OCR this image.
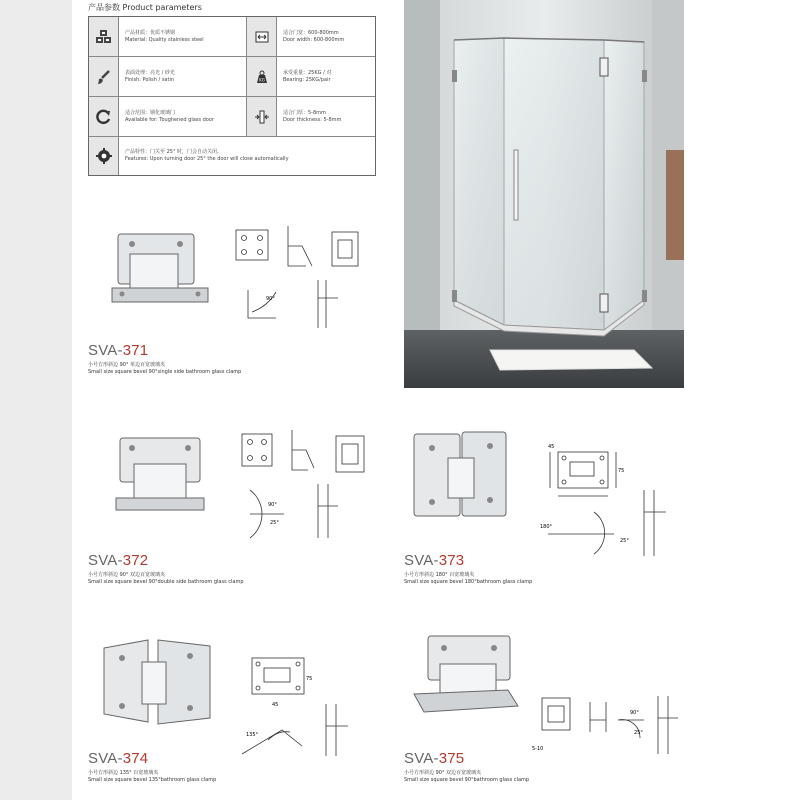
产品参数 Product parameters
产品材质：优质不锈钢
Material: Quality stainless steel
适合门宽：600-800mm
Door width: 600-800mm
表面处理：亮光 / 砂光
Finish: Polish / satin	KG
承受重量：25KG / 对
Bearing: 25KG/pair
适合范围：钢化玻璃门
Available for: Toughened glass door
适合门厚：5-8mm
Door thickness: 5-8mm
产品特性：门关至 25° 时，门会自动关闭。
Features: Upon turning door 25° the door will close automatically
90°
SVA-371
小号方形斜边 90° 单边百宽玻璃夹
Small size square bevel 90°single side bathroom glass clamp
90°
25°
SVA-372
小号方形斜边 90° 双边百宽玻璃夹
Small size square bevel 90°double side bathroom glass clamp
45
75
180°
25°
SVA-373
小号方形斜边 180° 百宽玻璃夹
Small size square bevel 180°bathroom glass clamp
75
45
135°
SVA-374
小号方形斜边 135° 百宽玻璃夹
Small size square bevel 135°bathroom glass clamp
5-10
90°
25°
SVA-375
小号方形斜边 90° 双边百宽玻璃夹
Small size square bevel 90°bathroom glass clamp
